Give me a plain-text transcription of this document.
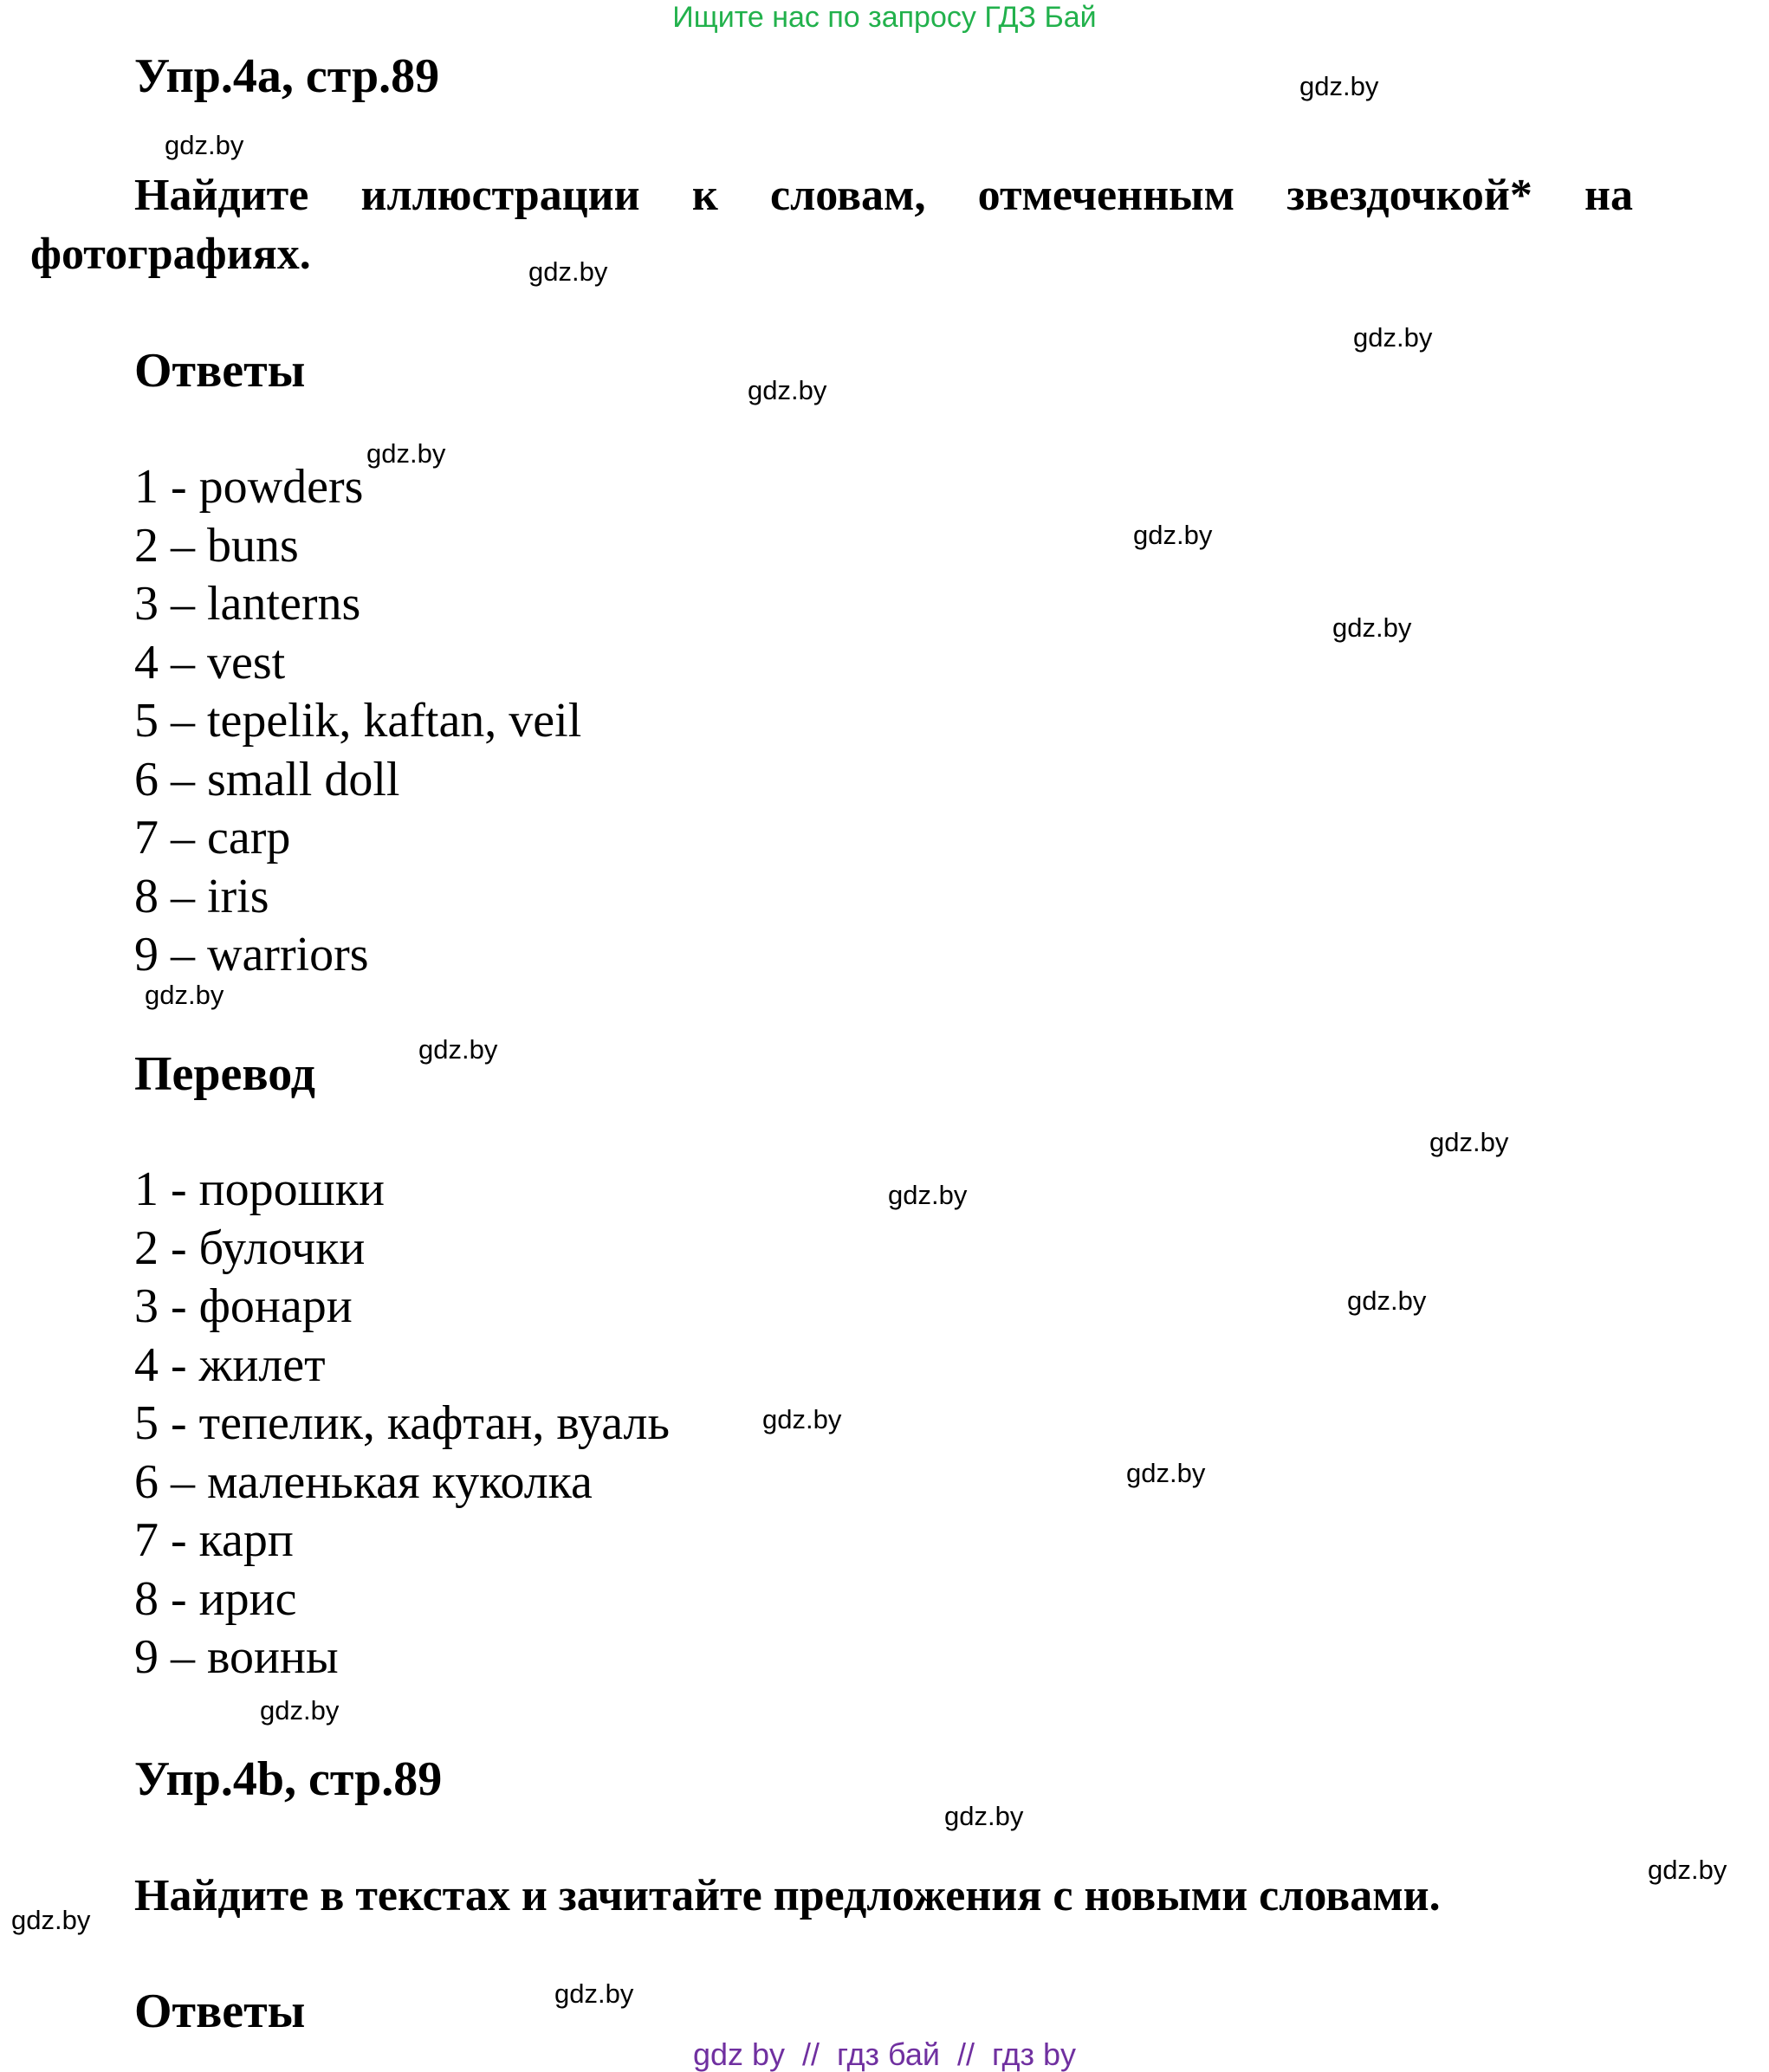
Ищите нас по запросу ГДЗ Бай
Упр.4a, стр.89
Найдите иллюстрации к словам, отмеченным звездочкой* на
фотографиях.
Ответы
1 - powders
2 – buns
3 – lanterns
4 – vest
5 – tepelik, kaftan, veil
6 – small doll
7 – carp
8 – iris
9 – warriors
Перевод
1 - порошки
2 - булочки
3 - фонари
4 - жилет
5 - тепелик, кафтан, вуаль
6 – маленькая куколка
7 - карп
8 - ирис
9 – воины
Упр.4b, стр.89
Найдите в текстах и зачитайте предложения с новыми словами.
Ответы
gdz.by
gdz.by
gdz.by
gdz.by
gdz.by
gdz.by
gdz.by
gdz.by
gdz.by
gdz.by
gdz.by
gdz.by
gdz.by
gdz.by
gdz.by
gdz.by
gdz.by
gdz.by
gdz.by
gdz.by
gdz by  //  гдз бай  //  гдз by
